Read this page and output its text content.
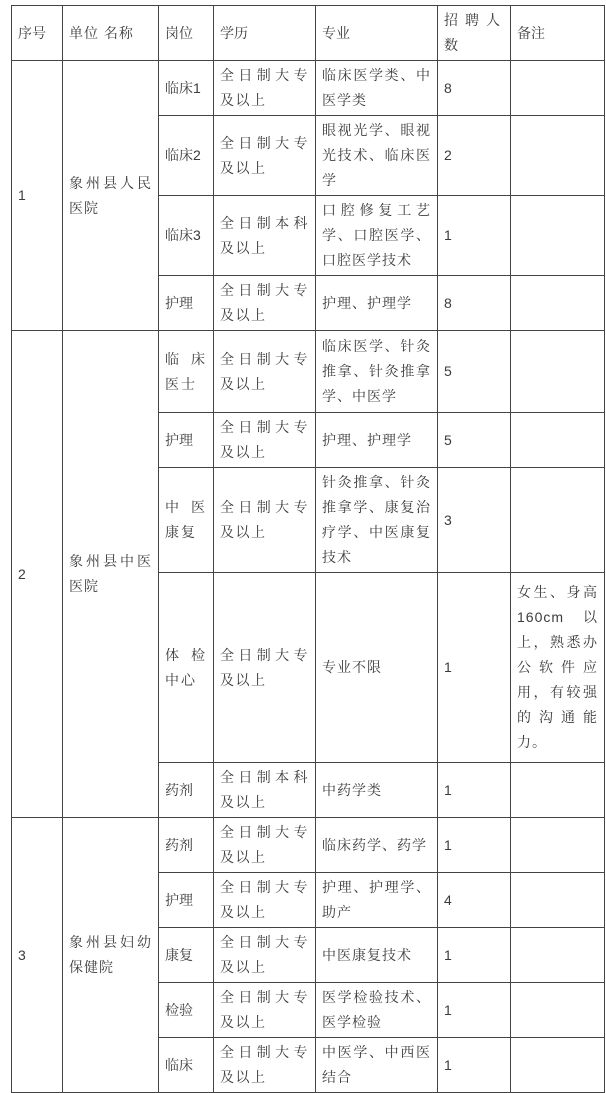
序号	单位 名称	岗位	学历	专业	招聘人数	备注
1	象州县人民医院	临床1	全日制大专及以上	临床医学类、中医学类	8	
		临床2	全日制大专及以上	眼视光学、眼视光技术、临床医学	2	
		临床3	全日制本科及以上	口腔修复工艺学、口腔医学、口腔医学技术	1	
		护理	全日制大专及以上	护理、护理学	8	
2	象州县中医医院	临床医士	全日制大专及以上	临床医学、针灸推拿、针灸推拿学、中医学	5	
		护理	全日制大专及以上	护理、护理学	5	
		中医康复	全日制大专及以上	针灸推拿、针灸推拿学、康复治疗学、中医康复技术	3	
		体检中心	全日制大专及以上	专业不限	1	女生、身高160cm以上，熟悉办公软件应用，有较强的沟通能力。
		药剂	全日制本科及以上	中药学类	1	
3	象州县妇幼保健院	药剂	全日制大专及以上	临床药学、药学	1	
		护理	全日制大专及以上	护理、护理学、助产	4	
		康复	全日制大专及以上	中医康复技术	1	
		检验	全日制大专及以上	医学检验技术、医学检验	1	
		临床	全日制大专及以上	中医学、中西医结合	1	
